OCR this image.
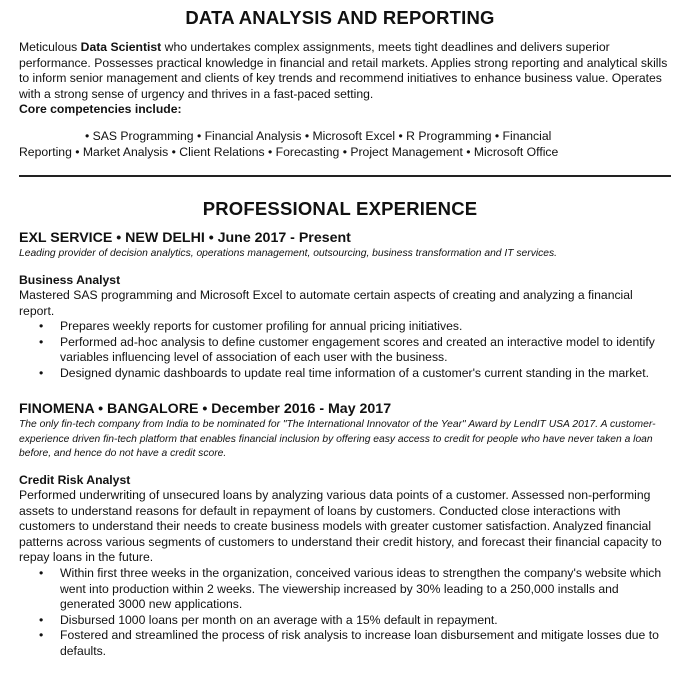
DATA ANALYSIS AND REPORTING

Meticulous Data Scientist who undertakes complex assignments, meets tight deadlines and delivers superior performance. Possesses practical knowledge in financial and retail markets. Applies strong reporting and analytical skills to inform senior management and clients of key trends and recommend initiatives to enhance business value. Operates with a strong sense of urgency and thrives in a fast-paced setting.

Core competencies include:

• SAS Programming • Financial Analysis • Microsoft Excel • R Programming • Financial
Reporting • Market Analysis • Client Relations • Forecasting • Project Management • Microsoft Office
PROFESSIONAL EXPERIENCE

EXL SERVICE • NEW DELHI • June 2017 - Present

Leading provider of decision analytics, operations management, outsourcing, business transformation and IT services.

Business Analyst

Mastered SAS programming and Microsoft Excel to automate certain aspects of creating and analyzing a financial report.

• Prepares weekly reports for customer profiling for annual pricing initiatives.
• Performed ad-hoc analysis to define customer engagement scores and created an interactive model to identify variables influencing level of association of each user with the business.
• Designed dynamic dashboards to update real time information of a customer's current standing in the market.

FINOMENA • BANGALORE • December 2016 - May 2017

The only fin-tech company from India to be nominated for "The International Innovator of the Year" Award by LendIT USA 2017. A customer-experience driven fin-tech platform that enables financial inclusion by offering easy access to credit for people who have never taken a loan before, and hence do not have a credit score.

Credit Risk Analyst

Performed underwriting of unsecured loans by analyzing various data points of a customer. Assessed non-performing assets to understand reasons for default in repayment of loans by customers. Conducted close interactions with customers to understand their needs to create business models with greater customer satisfaction. Analyzed financial patterns across various segments of customers to understand their credit history, and forecast their financial capacity to repay loans in the future.

• Within first three weeks in the organization, conceived various ideas to strengthen the company's website which went into production within 2 weeks. The viewership increased by 30% leading to a 250,000 installs and generated 3000 new applications.
• Disbursed 1000 loans per month on an average with a 15% default in repayment.
• Fostered and streamlined the process of risk analysis to increase loan disbursement and mitigate losses due to defaults.
